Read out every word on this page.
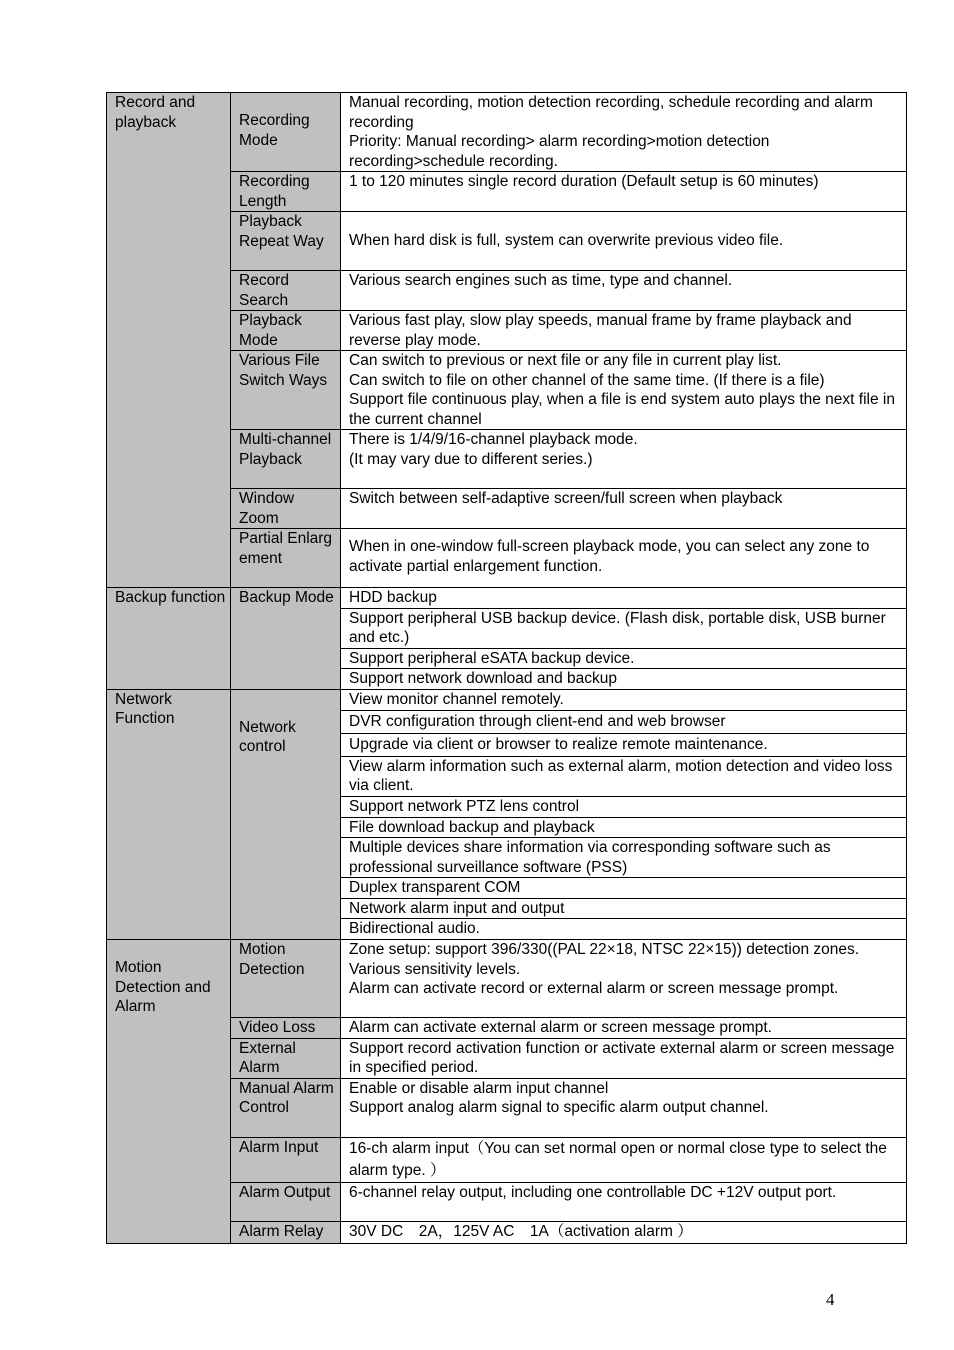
Record and playback	Recording Mode	Manual recording, motion detection recording, schedule recording and alarm recording
Priority: Manual recording> alarm recording>motion detection recording>schedule recording.

	Recording Length	1 to 120 minutes single record duration (Default setup is 60 minutes)

	Playback Repeat Way	When hard disk is full, system can overwrite previous video file.

	Record Search	Various search engines such as time, type and channel.

	Playback Mode	Various fast play, slow play speeds, manual frame by frame playback and reverse play mode.

	Various File Switch Ways	Can switch to previous or next file or any file in current play list.
Can switch to file on other channel of the same time. (If there is a file)
Support file continuous play, when a file is end system auto plays the next file in the current channel

	Multi-channel Playback	There is 1/4/9/16-channel playback mode.
(It may vary due to different series.)

	Window Zoom	Switch between self-adaptive screen/full screen when playback

	Partial Enlargement	When in one-window full-screen playback mode, you can select any zone to activate partial enlargement function.

Backup function	Backup Mode	HDD backup
		Support peripheral USB backup device. (Flash disk, portable disk, USB burner and etc.)
		Support peripheral eSATA backup device.
		Support network download and backup

Network Function	Network control	View monitor channel remotely.
		DVR configuration through client-end and web browser
		Upgrade via client or browser to realize remote maintenance.
		View alarm information such as external alarm, motion detection and video loss via client.
		Support network PTZ lens control
		File download backup and playback
		Multiple devices share information via corresponding software such as professional surveillance software (PSS)
		Duplex transparent COM
		Network alarm input and output
		Bidirectional audio.

Motion Detection and Alarm	Motion Detection	Zone setup: support 396/330((PAL 22×18, NTSC 22×15)) detection zones.
Various sensitivity levels.
Alarm can activate record or external alarm or screen message prompt.

	Video Loss	Alarm can activate external alarm or screen message prompt.

	External Alarm	Support record activation function or activate external alarm or screen message in specified period.

	Manual Alarm Control	Enable or disable alarm input channel
Support analog alarm signal to specific alarm output channel.

	Alarm Input	16-ch alarm input（You can set normal open or normal close type to select the alarm type. ）

	Alarm Output	6-channel relay output, including one controllable DC +12V output port.

	Alarm Relay	30V DC　2A，125V AC　1A（activation alarm ）
4
